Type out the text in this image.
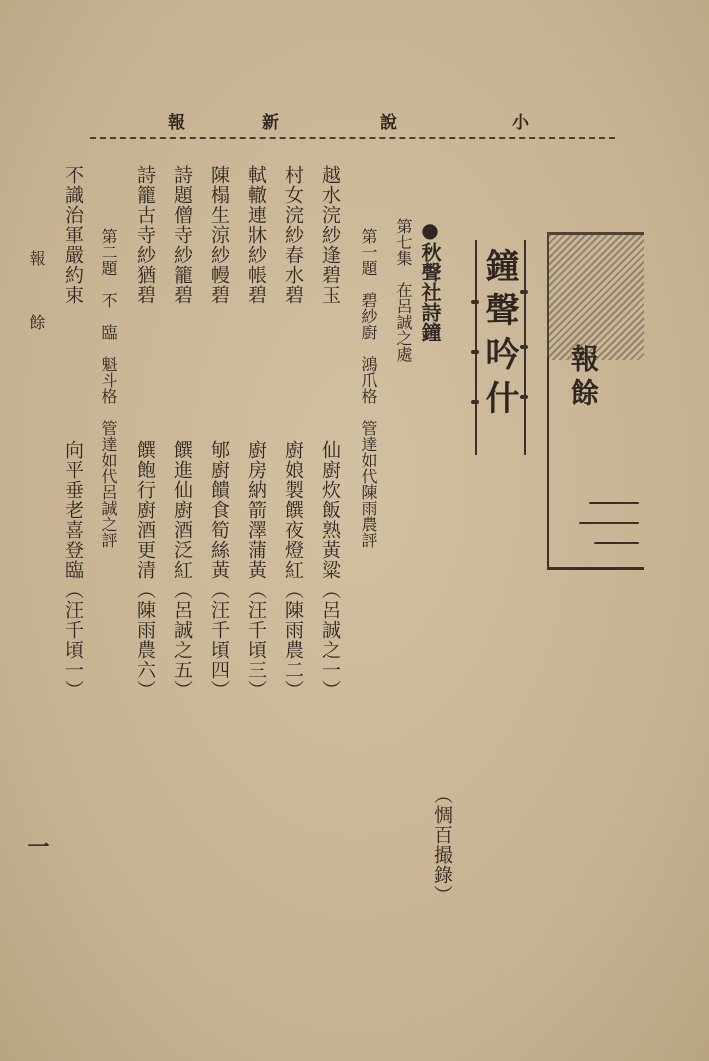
小
說
新
報
報餘
鐘聲吟什
●秋聲社詩鐘
第七集　在呂誠之處
第一題　碧紗廚　鴻爪格　管達如代陳雨農評
越水浣紗逢碧玉
村女浣紗春水碧
軾轍連牀紗帳碧
陳榻生涼紗幔碧
詩題僧寺紗籠碧
詩籠古寺紗猶碧
仙廚炊飯熟黃粱（呂誠之一）
廚娘製饌夜燈紅（陳雨農二）
廚房納箭澤蒲黃（汪千頃三）
郇廚饋食筍絲黃（汪千頃四）
饌進仙廚酒泛紅（呂誠之五）
饌飽行廚酒更清（陳雨農六）
第二題　不　臨　魁斗格　管達如代呂誠之評
不識治軍嚴約束
向平垂老喜登臨（汪千頃一）
（惆百撮錄）
報餘
一
